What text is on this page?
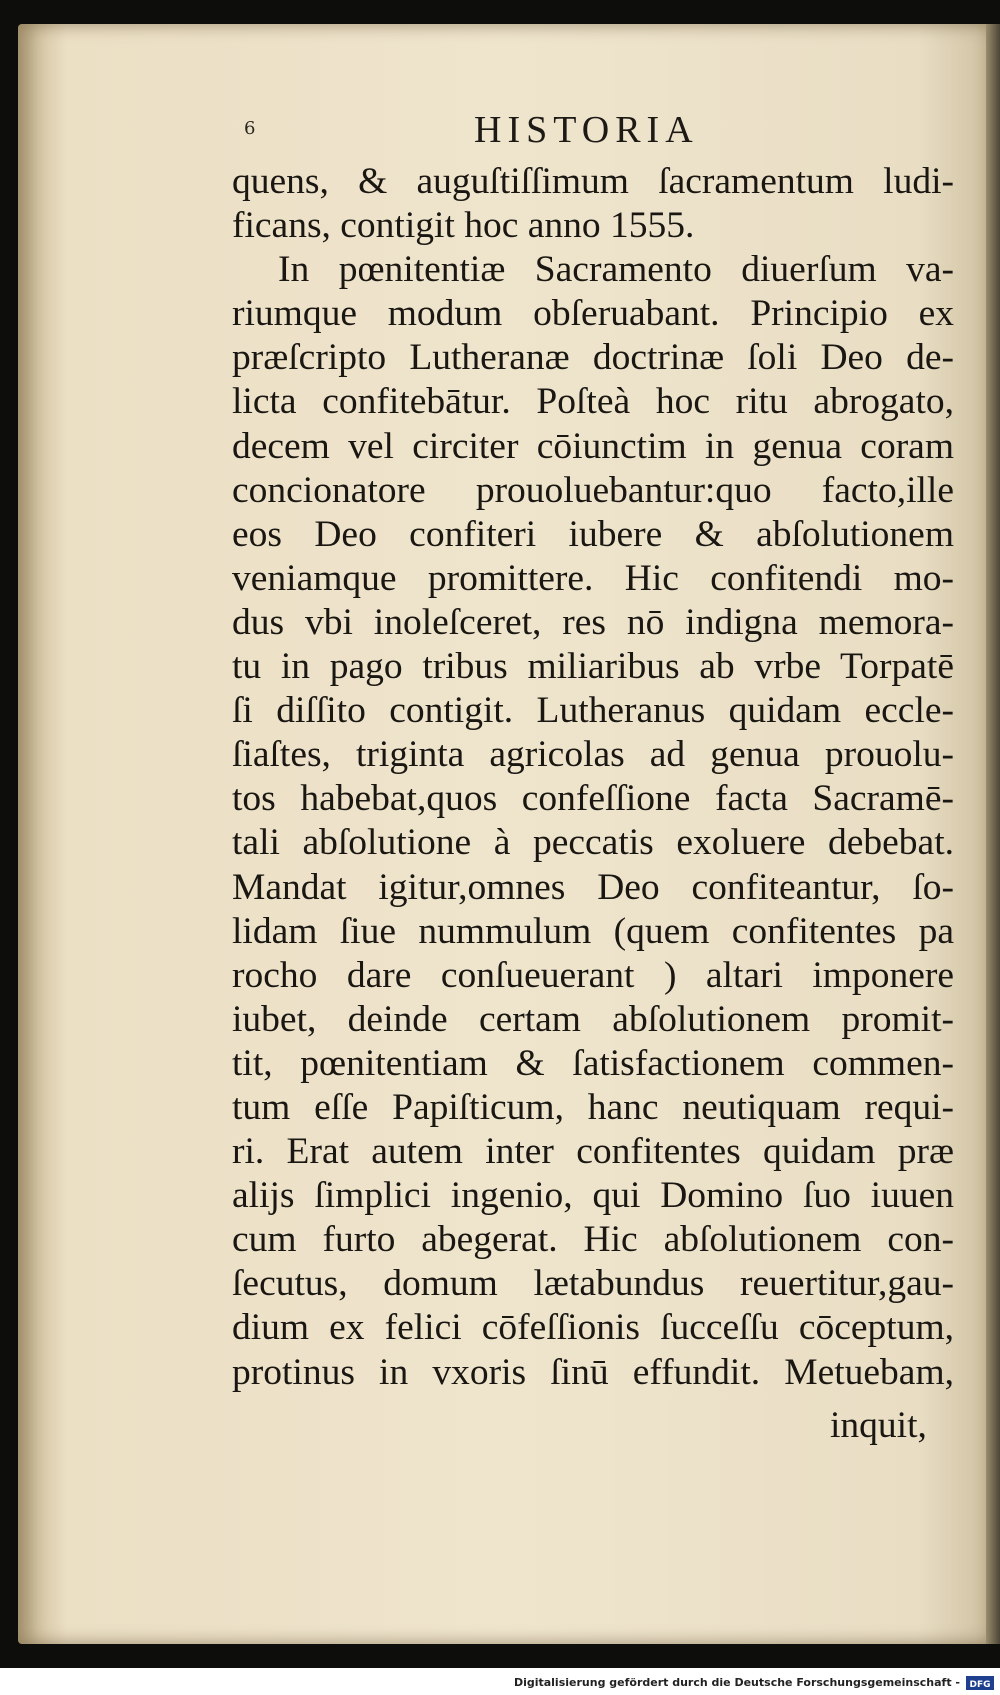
6	HISTORIA
quens, & auguſtiſſimum ſacramentum ludi-
ficans, contigit hoc anno 1555.
In pœnitentiæ Sacramento diuerſum va-
riumque modum obſeruabant. Principio ex
præſcripto Lutheranæ doctrinæ ſoli Deo de-
licta confitebātur. Poſteà hoc ritu abrogato,
decem vel circiter cōiunctim in genua coram
concionatore prouoluebantur:quo facto,ille
eos Deo confiteri iubere & abſolutionem
veniamque promittere. Hic confitendi mo-
dus vbi inoleſceret, res nō indigna memora-
tu in pago tribus miliaribus ab vrbe Torpatē
ſi diſſito contigit. Lutheranus quidam eccle-
ſiaſtes, triginta agricolas ad genua prouolu-
tos habebat,quos confeſſione facta Sacramē-
tali abſolutione à peccatis exoluere debebat.
Mandat igitur,omnes Deo confiteantur, ſo-
lidam ſiue nummulum (quem confitentes pa
rocho dare conſueuerant ) altari imponere
iubet, deinde certam abſolutionem promit-
tit, pœnitentiam & ſatisfactionem commen-
tum eſſe Papiſticum, hanc neutiquam requi-
ri. Erat autem inter confitentes quidam præ
alijs ſimplici ingenio, qui Domino ſuo iuuen
cum furto abegerat. Hic abſolutionem con-
ſecutus, domum lætabundus reuertitur,gau-
dium ex felici cōfeſſionis ſucceſſu cōceptum,
protinus in vxoris ſinū effundit. Metuebam,
inquit,
Digitalisierung gefördert durch die Deutsche Forschungsgemeinschaft - DFG
